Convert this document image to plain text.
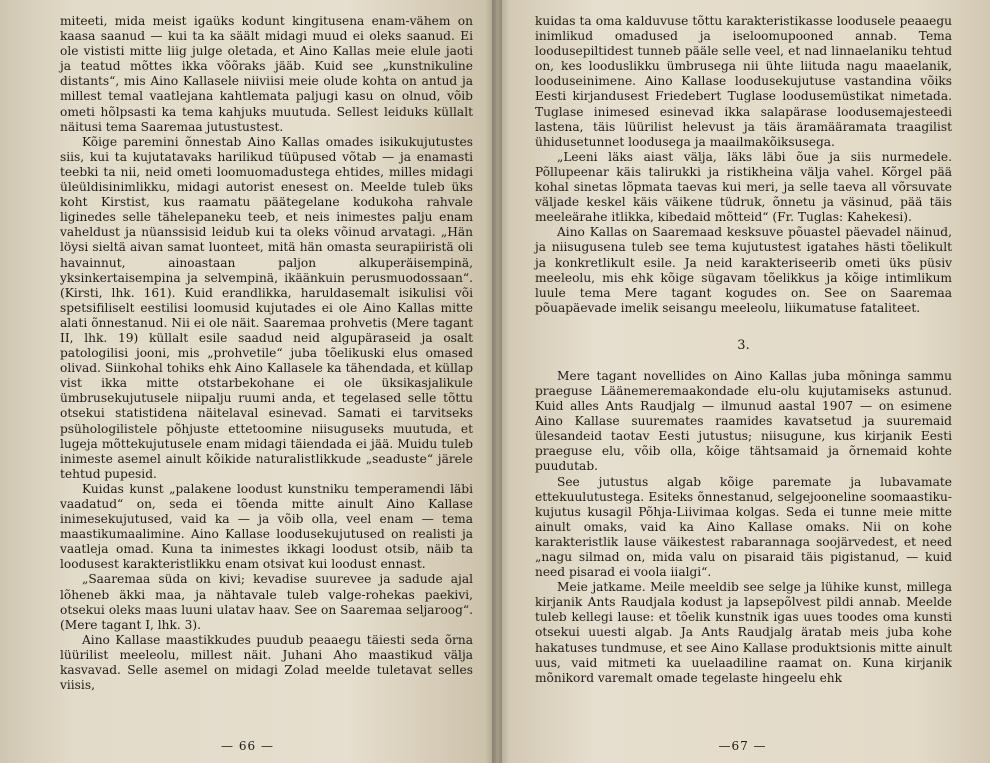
miteeti, mida meist igaüks kodunt kingitusena enam-vähem on kaasa saanud — kui ta ka säält midagi muud ei oleks saanud. Ei ole vististi mitte liig julge oletada, et Aino Kallas meie elule jaoti ja teatud mõttes ikka võõraks jääb. Kuid see „kunstnikuline distants“, mis Aino Kallasele niiviisi meie olude kohta on antud ja millest temal vaatlejana kahtlemata paljugi kasu on olnud, võib ometi hõlpsasti ka tema kahjuks muutuda. Sellest leiduks küllalt näitusi tema Saaremaa jutustustest.

Kõige paremini õnnestab Aino Kallas omades isikukujutustes siis, kui ta kujutatavaks harilikud tüüpused võtab — ja enamasti teebki ta nii, neid ometi loomuomadustega ehtides, milles midagi üleüldisinimlikku, midagi autorist enesest on. Meelde tuleb üks koht Kirstist, kus raamatu päätegelane kodukoha rahvale liginedes selle tähelepaneku teeb, et neis inimestes palju enam vaheldust ja nüanssisid leidub kui ta oleks võinud arvatagi. „Hän löysi sieltä aivan samat luonteet, mitä hän omasta seurapiiristä oli havainnut, ainoastaan paljon alkuperäisempinä, yksinkertaisempina ja selvempinä, ikäänkuin perusmuodossaan“. (Kirsti, lhk. 161). Kuid erandlikka, haruldasemalt isikulisi või spetsifiliselt eestilisi loomusid kujutades ei ole Aino Kallas mitte alati õnnestanud. Nii ei ole näit. Saaremaa prohvetis (Mere tagant II, lhk. 19) küllalt esile saadud neid algupäraseid ja osalt patologilisi jooni, mis „prohvetile“ juba tõelikuski elus omased olivad. Siinkohal tohiks ehk Aino Kallasele ka tähendada, et küllap vist ikka mitte otstarbekohane ei ole üksikasjalikule ümbrusekujutusele niipalju ruumi anda, et tegelased selle tõttu otsekui statistidena näitelaval esinevad. Samati ei tarvitseks psühologilistele põhjuste ettetoomine niisuguseks muutuda, et lugeja mõttekujutusele enam midagi täiendada ei jää. Muidu tuleb inimeste asemel ainult kõikide naturalistlikkude „seaduste“ järele tehtud pupesid.

Kuidas kunst „palakene loodust kunstniku temperamendi läbi vaadatud“ on, seda ei tõenda mitte ainult Aino Kallase inimesekujutused, vaid ka — ja võib olla, veel enam — tema maastikumaalimine. Aino Kallase loodusekujutused on realisti ja vaatleja omad. Kuna ta inimestes ikkagi loodust otsib, näib ta loodusest karakteristlikku enam otsivat kui loodust ennast.

„Saaremaa süda on kivi; kevadise suurevee ja sadude ajal lõheneb äkki maa, ja nähtavale tuleb valge-rohekas paekivi, otsekui oleks maas luuni ulatav haav. See on Saaremaa seljaroog“. (Mere tagant I, lhk. 3).

Aino Kallase maastikkudes puudub peaaegu täiesti seda õrna lüürilist meeleolu, millest näit. Juhani Aho maastikud välja kasvavad. Selle asemel on midagi Zolad meelde tuletavat selles viisis,

— 66 —

kuidas ta oma kalduvuse tõttu karakteristikasse loodusele peaaegu inimlikud omadused ja iseloomupooned annab. Tema loodusepiltidest tunneb pääle selle veel, et nad linnaelaniku tehtud on, kes looduslikku ümbrusega nii ühte liituda nagu maaelanik, looduseinimene. Aino Kallase loodusekujutuse vastandina võiks Eesti kirjandusest Friedebert Tuglase loodusemüstikat nimetada. Tuglase inimesed esinevad ikka salapärase loodusemajesteedi lastena, täis lüürilist helevust ja täis äramääramata traagilist ühidusetunnet loodusega ja maailmakõiksusega.

„Leeni läks aiast välja, läks läbi õue ja siis nurmedele. Põllupeenar käis talirukki ja ristikheina välja vahel. Kõrgel pää kohal sinetas lõpmata taevas kui meri, ja selle taeva all võrsuvate väljade keskel käis väikene tüdruk, õnnetu ja väsinud, pää täis meeleärahe itlikka, kibedaid mõtteid“ (Fr. Tuglas: Kahekesi).

Aino Kallas on Saaremaad kesksuve põuastel päevadel näinud, ja niisugusena tuleb see tema kujutustest igatahes hästi tõelikult ja konkretlikult esile. Ja neid karakteriseerib ometi üks püsiv meeleolu, mis ehk kõige sügavam tõelikkus ja kõige intimlikum luule tema Mere tagant kogudes on. See on Saaremaa põuapäevade imelik seisangu meeleolu, liikumatuse fataliteet.

3.

Mere tagant novellides on Aino Kallas juba mõninga sammu praeguse Läänemeremaakondade elu-olu kujutamiseks astunud. Kuid alles Ants Raudjalg — ilmunud aastal 1907 — on esimene Aino Kallase suuremates raamides kavatsetud ja suuremaid ülesandeid taotav Eesti jutustus; niisugune, kus kirjanik Eesti praeguse elu, võib olla, kõige tähtsamaid ja õrnemaid kohte puudutab.

See jutustus algab kõige paremate ja lubavamate ettekuulutustega. Esiteks õnnestanud, selgejooneline soomaastiku-kujutus kusagil Põhja-Liivimaa kolgas. Seda ei tunne meie mitte ainult omaks, vaid ka Aino Kallase omaks. Nii on kohe karakteristlik lause väikestest rabarannaga soojärvedest, et need „nagu silmad on, mida valu on pisaraid täis pigistanud, — kuid need pisarad ei voola iialgi“.

Meie jatkame. Meile meeldib see selge ja lühike kunst, millega kirjanik Ants Raudjala kodust ja lapsepõlvest pildi annab. Meelde tuleb kellegi lause: et tõelik kunstnik igas uues toodes oma kunsti otsekui uuesti algab. Ja Ants Raudjalg äratab meis juba kohe hakatuses tundmuse, et see Aino Kallase produktsionis mitte ainult uus, vaid mitmeti ka uuelaadiline raamat on. Kuna kirjanik mõnikord varemalt omade tegelaste hingeelu ehk

—67 —
